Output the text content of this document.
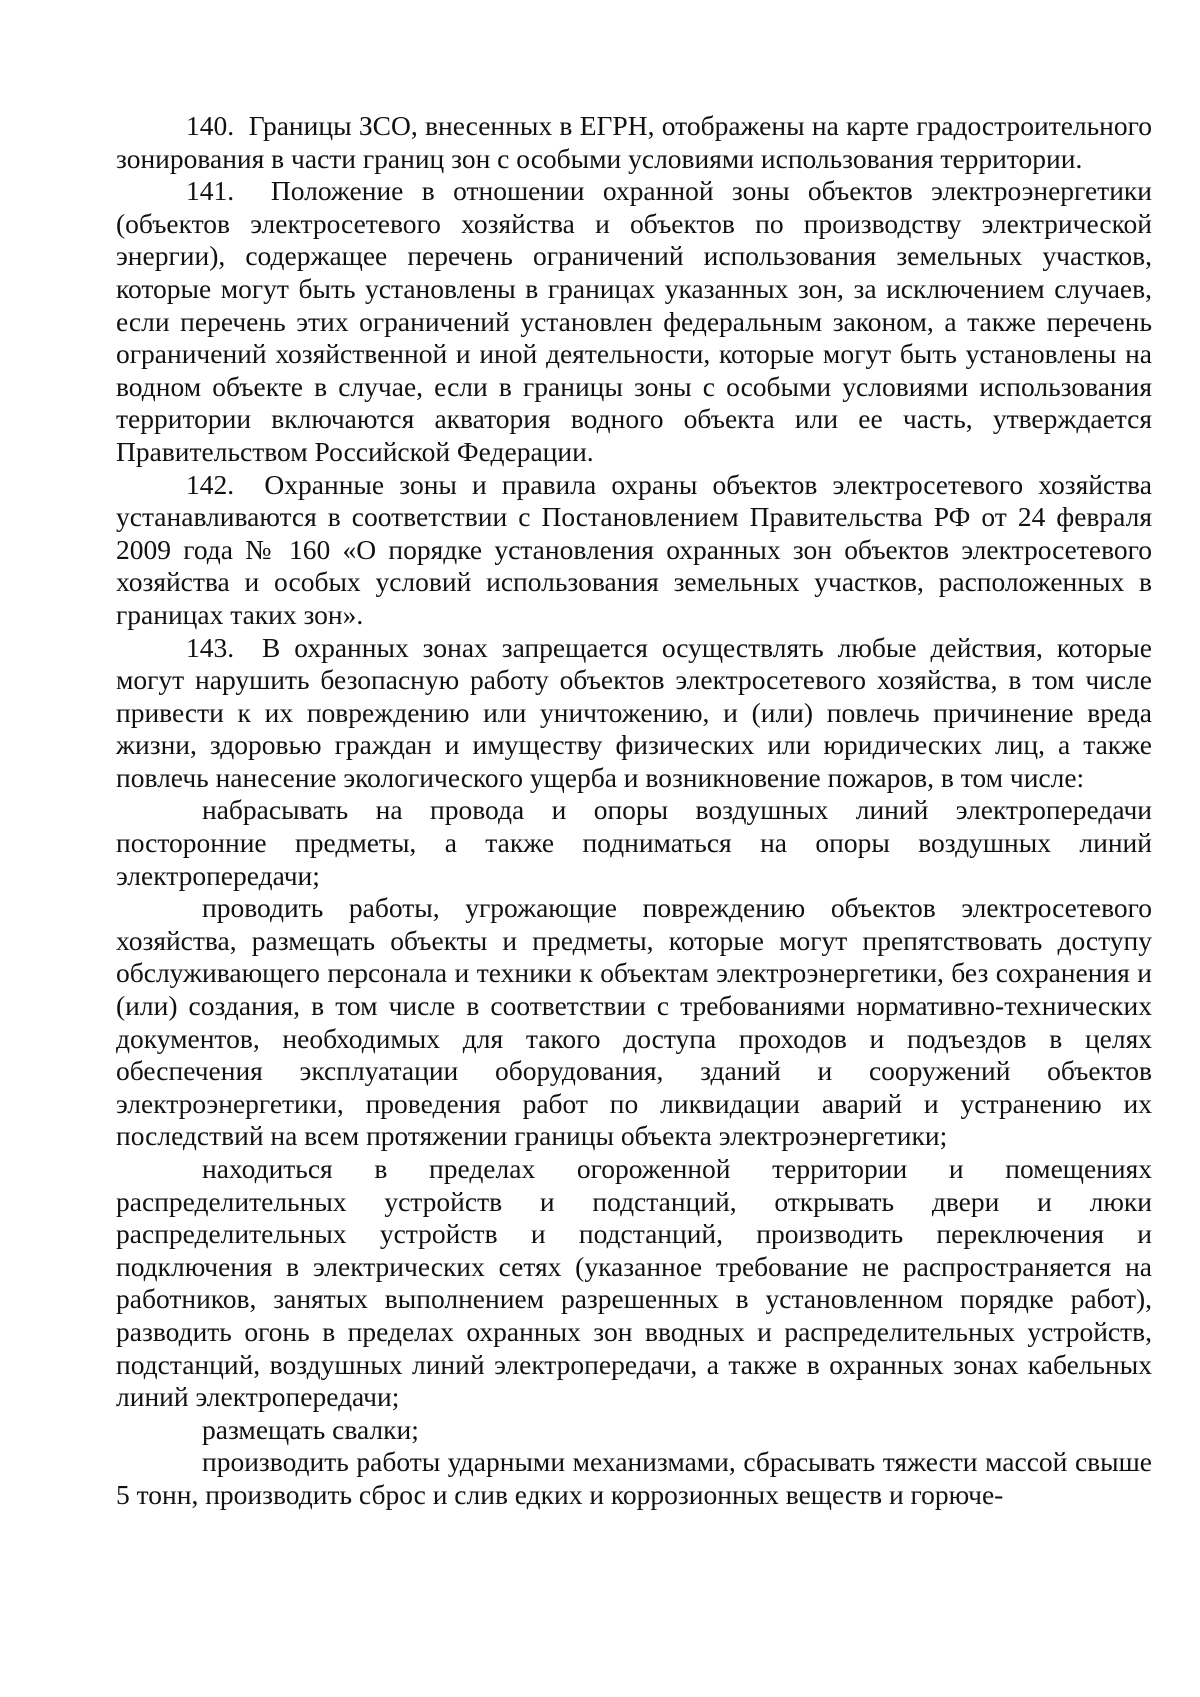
140. Границы ЗСО, внесенных в ЕГРН, отображены на карте градостроительного зонирования в части границ зон с особыми условиями использования территории.

141. Положение в отношении охранной зоны объектов электроэнергетики (объектов электросетевого хозяйства и объектов по производству электрической энергии), содержащее перечень ограничений использования земельных участков, которые могут быть установлены в границах указанных зон, за исключением случаев, если перечень этих ограничений установлен федеральным законом, а также перечень ограничений хозяйственной и иной деятельности, которые могут быть установлены на водном объекте в случае, если в границы зоны с особыми условиями использования территории включаются акватория водного объекта или ее часть, утверждается Правительством Российской Федерации.

142. Охранные зоны и правила охраны объектов электросетевого хозяйства устанавливаются в соответствии с Постановлением Правительства РФ от 24 февраля 2009 года № 160 «О порядке установления охранных зон объектов электросетевого хозяйства и особых условий использования земельных участков, расположенных в границах таких зон».

143. В охранных зонах запрещается осуществлять любые действия, которые могут нарушить безопасную работу объектов электросетевого хозяйства, в том числе привести к их повреждению или уничтожению, и (или) повлечь причинение вреда жизни, здоровью граждан и имуществу физических или юридических лиц, а также повлечь нанесение экологического ущерба и возникновение пожаров, в том числе:

набрасывать на провода и опоры воздушных линий электропередачи посторонние предметы, а также подниматься на опоры воздушных линий электропередачи;

проводить работы, угрожающие повреждению объектов электросетевого хозяйства, размещать объекты и предметы, которые могут препятствовать доступу обслуживающего персонала и техники к объектам электроэнергетики, без сохранения и (или) создания, в том числе в соответствии с требованиями нормативно-технических документов, необходимых для такого доступа проходов и подъездов в целях обеспечения эксплуатации оборудования, зданий и сооружений объектов электроэнергетики, проведения работ по ликвидации аварий и устранению их последствий на всем протяжении границы объекта электроэнергетики;

находиться в пределах огороженной территории и помещениях распределительных устройств и подстанций, открывать двери и люки распределительных устройств и подстанций, производить переключения и подключения в электрических сетях (указанное требование не распространяется на работников, занятых выполнением разрешенных в установленном порядке работ), разводить огонь в пределах охранных зон вводных и распределительных устройств, подстанций, воздушных линий электропередачи, а также в охранных зонах кабельных линий электропередачи;

размещать свалки;

производить работы ударными механизмами, сбрасывать тяжести массой свыше 5 тонн, производить сброс и слив едких и коррозионных веществ и горюче-
